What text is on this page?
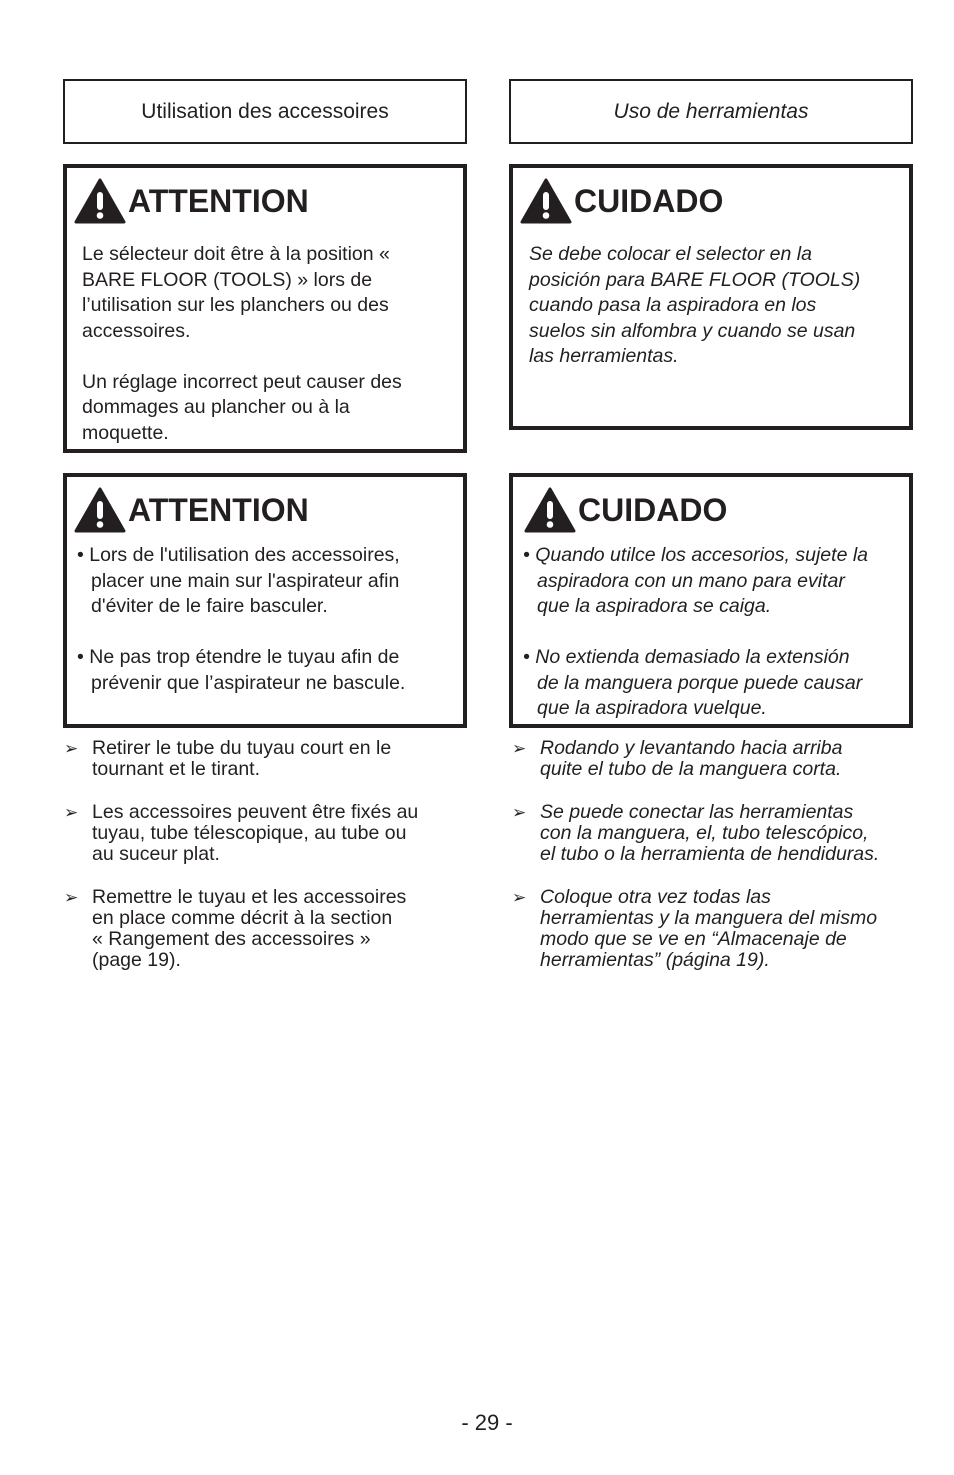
Utilisation des accessoires	Uso de herramientas
ATTENTION

Le sélecteur doit être à la position «

BARE FLOOR (TOOLS) » lors de

l’utilisation sur les planchers ou des

accessoires.

Un réglage incorrect peut causer des

dommages au plancher ou à la

moquette.

CUIDADO

Se debe colocar el selector en la

posición para BARE FLOOR (TOOLS)

cuando pasa la aspiradora en los

suelos sin alfombra y cuando se usan

las herramientas.

ATTENTION

• Lors de l'utilisation des accessoires,

placer une main sur l'aspirateur afin

d'éviter de le faire basculer.

• Ne pas trop étendre le tuyau afin de

prévenir que l’aspirateur ne bascule.

CUIDADO

• Quando utilce los accesorios, sujete la

aspiradora con un mano para evitar

que la aspiradora se caiga.

• No extienda demasiado la extensión

de la manguera porque puede causar

que la aspiradora vuelque.

➢ Retirer le tube du tuyau court en le
tournant et le tirant.
➢ Les accessoires peuvent être fixés au
tuyau, tube télescopique, au tube ou
au suceur plat.
➢ Remettre le tuyau et les accessoires
en place comme décrit à la section
« Rangement des accessoires »
(page 19).
➢ Rodando y levantando hacia arriba
quite el tubo de la manguera corta.
➢ Se puede conectar las herramientas
con la manguera, el, tubo telescópico,
el tubo o la herramienta de hendiduras.
➢ Coloque otra vez todas las
herramientas y la manguera del mismo
modo que se ve en “Almacenaje de
herramientas” (página 19).
- 29 -
